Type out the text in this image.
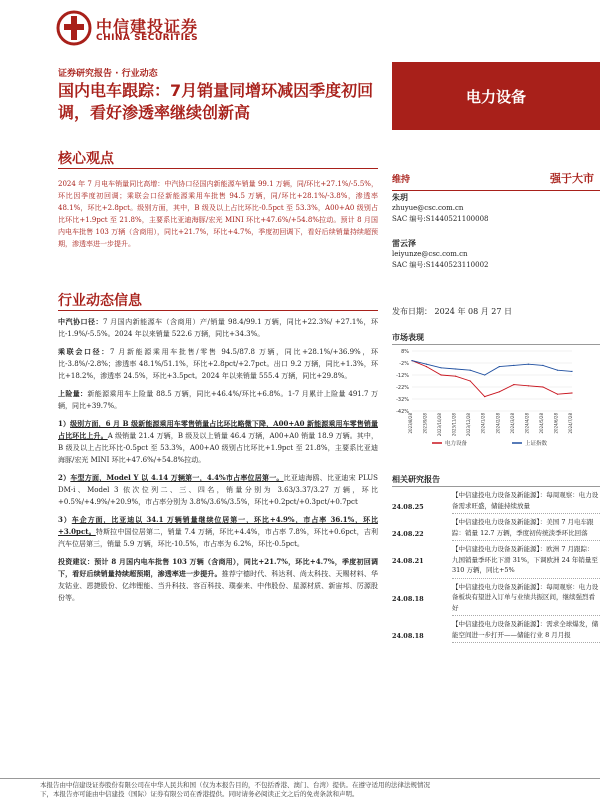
中信建投证券
CHINA SECURITIES
证券研究报告 · 行业动态
国内电车跟踪：7月销量同增环减因季度初回调，看好渗透率继续创新高
电力设备
核心观点
2024 年 7 月电车销量同比高增：中汽协口径国内新能源车销量 99.1 万辆，同/环比+27.1%/-5.5%，环比因季度初回调；乘联会口径新能源乘用车批售 94.5 万辆，同/环比+28.1%/-3.8%，渗透率 48.1%，环比+2.8pct。级别方面，其中，B 级及以上占比环比-0.5pct 至 53.3%，A00+A0 级别占比环比+1.9pct 至 21.8%，主要系比亚迪海豚/宏光 MINI 环比+47.6%/+54.8%拉动。预计 8 月国内电车批售 103 万辆（含商用），同比+21.7%，环比+4.7%，季度初回调下，看好后续销量持续超预期，渗透率进一步提升。
行业动态信息
中汽协口径：7 月国内新能源车（含商用）产/销量 98.4/99.1 万辆，同比+22.3%/ +27.1%，环比-1.9%/-5.5%。2024 年以来销量 522.6 万辆，同比+34.3%。
乘联会口径：7 月新能源乘用车批售/零售 94.5/87.8 万辆，同比+28.1%/+36.9%，环比-3.8%/-2.8%；渗透率 48.1%/51.1%，环比+2.8pct/+2.7pct。出口 9.2 万辆，同比+1.3%，环比+18.2%，渗透率 24.5%，环比+3.5pct。2024 年以来销量 555.4 万辆，同比+29.8%。
上险量：新能源乘用车上险量 88.5 万辆，同比+46.4%/环比+6.8%。1-7 月累计上险量 491.7 万辆，同比+39.7%。
1）级别方面，6 月 B 级新能源乘用车零售销量占比环比略微下降，A00+A0 新能源乘用车零售销量占比环比上升。A 级销量 21.4 万辆，B 级及以上销量 46.4 万辆，A00+A0 销量 18.9 万辆。其中，B 级及以上占比环比-0.5pct 至 53.3%，A00+A0 级别占比环比+1.9pct 至 21.8%，主要系比亚迪海豚/宏光 MINI 环比+47.6%/+54.8%拉动。
2）车型方面，Model Y 以 4.14 万辆第一，4.4%市占率位居第一。比亚迪海鸥、比亚迪宋 PLUS DM-i、Model 3 依次位列二、三、四名，销量分别为 3.63/3.37/3.27 万辆，环比+0.5%/+4.9%/+20.9%，市占率分别为 3.8%/3.6%/3.5%，环比+0.2pct/+0.3pct/+0.7pct
3）车企方面，比亚迪以 34.1 万辆销量继续位居第一，环比+4.9%，市占率 36.1%，环比+3.0pct。特斯拉中国位居第二，销量 7.4 万辆，环比+4.4%，市占率 7.8%，环比+0.6pct，吉利汽车位居第三，销量 5.9 万辆，环比-10.5%，市占率为 6.2%，环比-0.5pct。
投资建议：预计 8 月国内电车批售 103 万辆（含商用），同比+21.7%，环比+4.7%，季度初回调下，看好后续销量持续超预期，渗透率进一步提升。推荐宁德时代、科达利、尚太科技、天赐材料、华友钴业、恩捷股份、亿纬锂能、当升科技、容百科技、璞泰来、中伟股份、星源材质、新宙邦、厉源股份等。
维持	强于大市
朱玥
zhuyue@csc.com.cn
SAC 编号:S1440521100008
雷云泽
leiyunze@csc.com.cn
SAC 编号:S1440523110002
发布日期： 2024 年 08 月 27 日
市场表现
8%
-2%
-12%
-22%
-32%
-42%
2023/8/28 2023/9/28 2023/10/28 2023/11/28 2023/12/28 2024/1/28 2024/2/28 2024/3/28 2024/4/28 2024/5/28 2024/6/28 2024/7/28
电力设备	上证指数
相关研究报告
24.08.25
【中信建投电力设备及新能源】：每周观察：电力设备需求旺盛，储能持续放量
24.08.22
【中信建投电力设备及新能源】：美国 7 月电车跟踪：销量 12.7 万辆，季度初传统淡季环比回落
24.08.21
【中信建投电力设备及新能源】：欧洲 7 月跟踪：九国销量季环比下滑 31%，下调欧洲 24 年销量至 310 万辆，同比+5%
24.08.18
【中信建投电力设备及新能源】：每周观察：电力设备板块有望进入订单与业绩共振区间，继续强烈看好
24.08.18
【中信建投电力设备及新能源】：需求全球爆发，储能空间进一步打开——储能行业 8 月月报
本报告由中信建设证券股份有限公司在中华人民共和国（仅为本报告目的，不包括香港、澳门、台湾）提供。在遵守适用的法律法规情况
下，本报告亦可能由中信建投（国际）证券有限公司在香港提供。同时请务必阅读正文之后的免责条款和声明。
